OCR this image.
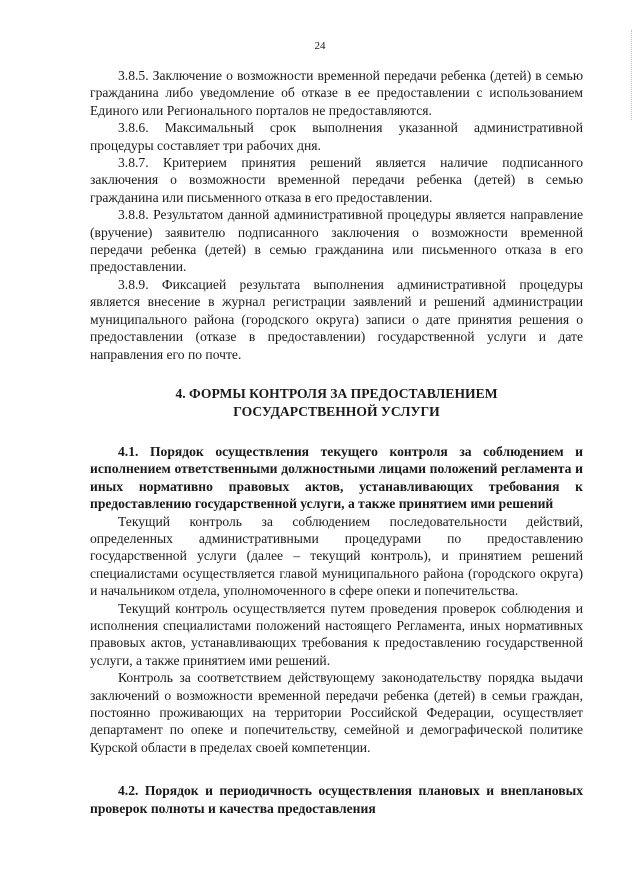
24

3.8.5. Заключение о возможности временной передачи ребенка (детей) в семью гражданина либо уведомление об отказе в ее предоставлении с использованием Единого или Регионального порталов не предоставляются.

3.8.6. Максимальный срок выполнения указанной административной процедуры составляет три рабочих дня.

3.8.7. Критерием принятия решений является наличие подписанного заключения о возможности временной передачи ребенка (детей) в семью гражданина или письменного отказа в его предоставлении.

3.8.8. Результатом данной административной процедуры является направление (вручение) заявителю подписанного заключения о возможности временной передачи ребенка (детей) в семью гражданина или письменного отказа в его предоставлении.

3.8.9. Фиксацией результата выполнения административной процедуры является внесение в журнал регистрации заявлений и решений администрации муниципального района (городского округа) записи о дате принятия решения о предоставлении (отказе в предоставлении) государственной услуги и дате направления его по почте.

4. ФОРМЫ КОНТРОЛЯ ЗА ПРЕДОСТАВЛЕНИЕМ
ГОСУДАРСТВЕННОЙ УСЛУГИ

4.1. Порядок осуществления текущего контроля за соблюдением и исполнением ответственными должностными лицами положений регламента и иных нормативно правовых актов, устанавливающих требования к предоставлению государственной услуги, а также принятием ими решений

Текущий контроль за соблюдением последовательности действий, определенных административными процедурами по предоставлению государственной услуги (далее – текущий контроль), и принятием решений специалистами осуществляется главой муниципального района (городского округа) и начальником отдела, уполномоченного в сфере опеки и попечительства.

Текущий контроль осуществляется путем проведения проверок соблюдения и исполнения специалистами положений настоящего Регламента, иных нормативных правовых актов, устанавливающих требования к предоставлению государственной услуги, а также принятием ими решений.

Контроль за соответствием действующему законодательству порядка выдачи заключений о возможности временной передачи ребенка (детей) в семьи граждан, постоянно проживающих на территории Российской Федерации, осуществляет департамент по опеке и попечительству, семейной и демографической политике Курской области в пределах своей компетенции.

4.2. Порядок и периодичность осуществления плановых и внеплановых проверок полноты и качества предоставления
